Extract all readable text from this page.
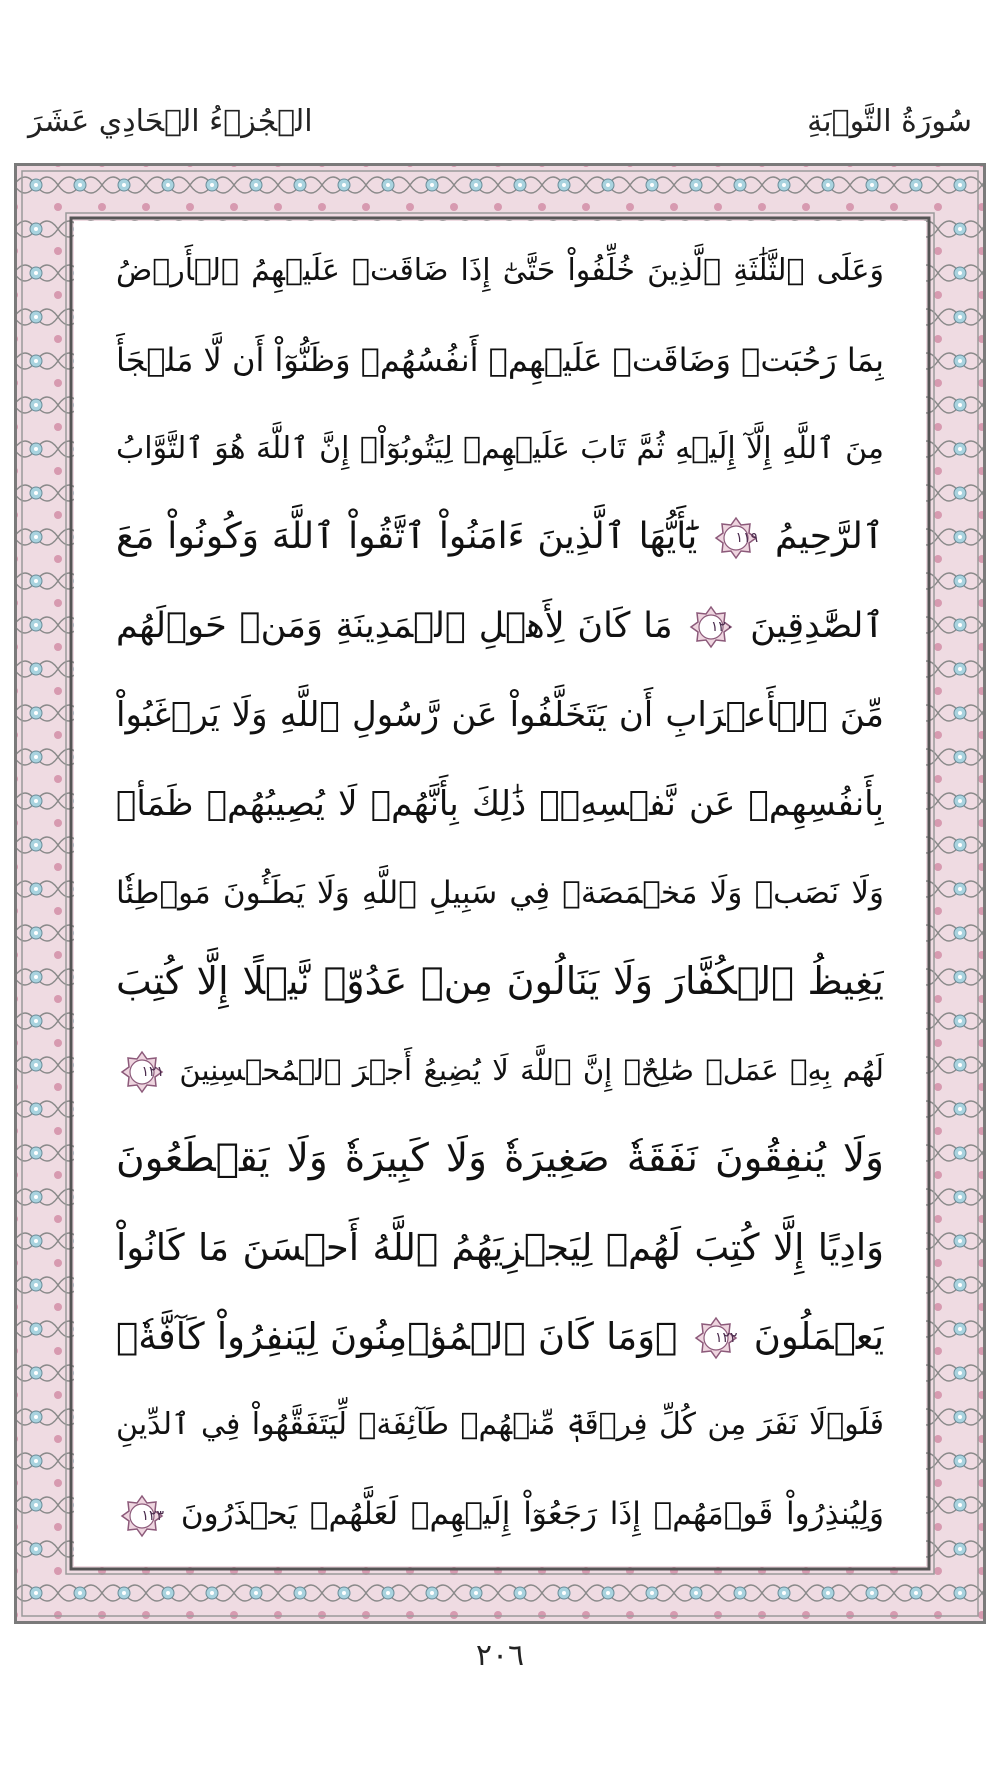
سُورَةُ التَّوۡبَةِ
الۡجُزۡءُ الۡحَادِي عَشَرَ
وَعَلَى ٱلثَّلَٰثَةِ ٱلَّذِينَ خُلِّفُواْ حَتَّىٰٓ إِذَا ضَاقَتۡ عَلَيۡهِمُ ٱلۡأَرۡضُ
بِمَا رَحُبَتۡ وَضَاقَتۡ عَلَيۡهِمۡ أَنفُسُهُمۡ وَظَنُّوٓاْ أَن لَّا مَلۡجَأَ
مِنَ ٱللَّهِ إِلَّآ إِلَيۡهِ ثُمَّ تَابَ عَلَيۡهِمۡ لِيَتُوبُوٓاْۚ إِنَّ ٱللَّهَ هُوَ ٱلتَّوَّابُ
ٱلرَّحِيمُ
١١٩
يَٰٓأَيُّهَا ٱلَّذِينَ ءَامَنُواْ ٱتَّقُواْ ٱللَّهَ وَكُونُواْ مَعَ
ٱلصَّٰدِقِينَ
١٢٠
مَا كَانَ لِأَهۡلِ ٱلۡمَدِينَةِ وَمَنۡ حَوۡلَهُم
مِّنَ ٱلۡأَعۡرَابِ أَن يَتَخَلَّفُواْ عَن رَّسُولِ ٱللَّهِ وَلَا يَرۡغَبُواْ
بِأَنفُسِهِمۡ عَن نَّفۡسِهِۦۚ ذَٰلِكَ بِأَنَّهُمۡ لَا يُصِيبُهُمۡ ظَمَأٞ
وَلَا نَصَبٞ وَلَا مَخۡمَصَةٞ فِي سَبِيلِ ٱللَّهِ وَلَا يَطَـُٔونَ مَوۡطِئٗا
يَغِيظُ ٱلۡكُفَّارَ وَلَا يَنَالُونَ مِنۡ عَدُوّٖ نَّيۡلًا إِلَّا كُتِبَ
لَهُم بِهِۦ عَمَلٞ صَٰلِحٌۚ إِنَّ ٱللَّهَ لَا يُضِيعُ أَجۡرَ ٱلۡمُحۡسِنِينَ
١٢١
وَلَا يُنفِقُونَ نَفَقَةٗ صَغِيرَةٗ وَلَا كَبِيرَةٗ وَلَا يَقۡطَعُونَ
وَادِيًا إِلَّا كُتِبَ لَهُمۡ لِيَجۡزِيَهُمُ ٱللَّهُ أَحۡسَنَ مَا كَانُواْ
يَعۡمَلُونَ
١٢٢
۞وَمَا كَانَ ٱلۡمُؤۡمِنُونَ لِيَنفِرُواْ كَآفَّةٗۚ
فَلَوۡلَا نَفَرَ مِن كُلِّ فِرۡقَةٖ مِّنۡهُمۡ طَآئِفَةٞ لِّيَتَفَقَّهُواْ فِي ٱلدِّينِ
وَلِيُنذِرُواْ قَوۡمَهُمۡ إِذَا رَجَعُوٓاْ إِلَيۡهِمۡ لَعَلَّهُمۡ يَحۡذَرُونَ
١٢٣
٢٠٦
